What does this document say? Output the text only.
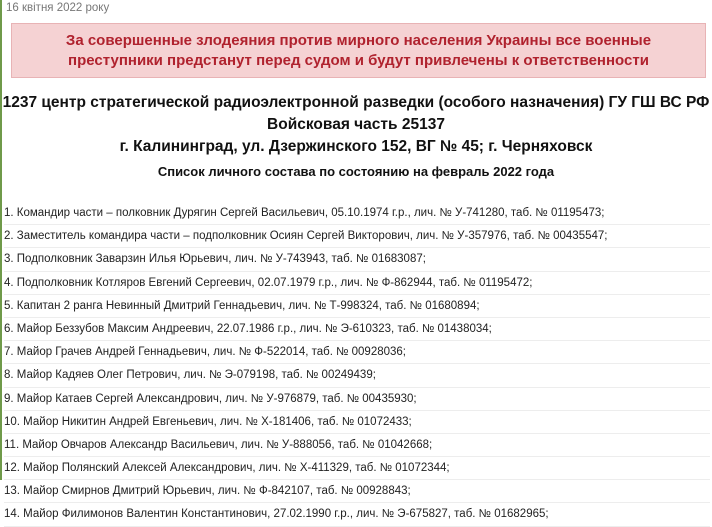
16 квітня 2022 року
За совершенные злодеяния против мирного населения Украины все военные
преступники предстанут перед судом и будут привлечены к ответственности
1237 центр стратегической радиоэлектронной разведки (особого назначения) ГУ ГШ ВС РФ
Войсковая часть 25137
г. Калининград, ул. Дзержинского 152, ВГ № 45; г. Черняховск
Список личного состава по состоянию на февраль 2022 года
1. Командир части – полковник Дурягин Сергей Васильевич, 05.10.1974 г.р., лич. № У-741280, таб. № 01195473;
2. Заместитель командира части – подполковник Осиян Сергей Викторович, лич. № У-357976, таб. № 00435547;
3. Подполковник Заварзин Илья Юрьевич, лич. № У-743943, таб. № 01683087;
4. Подполковник Котляров Евгений Сергеевич, 02.07.1979 г.р., лич. № Ф-862944, таб. № 01195472;
5. Капитан 2 ранга Невинный Дмитрий Геннадьевич, лич. № Т-998324, таб. № 01680894;
6. Майор Беззубов Максим Андреевич, 22.07.1986 г.р., лич. № Э-610323, таб. № 01438034;
7. Майор Грачев Андрей Геннадьевич, лич. № Ф-522014, таб. № 00928036;
8. Майор Кадяев Олег Петрович, лич. № Э-079198, таб. № 00249439;
9. Майор Катаев Сергей Александрович, лич. № У-976879, таб. № 00435930;
10. Майор Никитин Андрей Евгеньевич, лич. № Х-181406, таб. № 01072433;
11. Майор Овчаров Александр Васильевич, лич. № У-888056, таб. № 01042668;
12. Майор Полянский Алексей Александрович, лич. № Х-411329, таб. № 01072344;
13. Майор Смирнов Дмитрий Юрьевич, лич. № Ф-842107, таб. № 00928843;
14. Майор Филимонов Валентин Константинович, 27.02.1990 г.р., лич. № Э-675827, таб. № 01682965;
